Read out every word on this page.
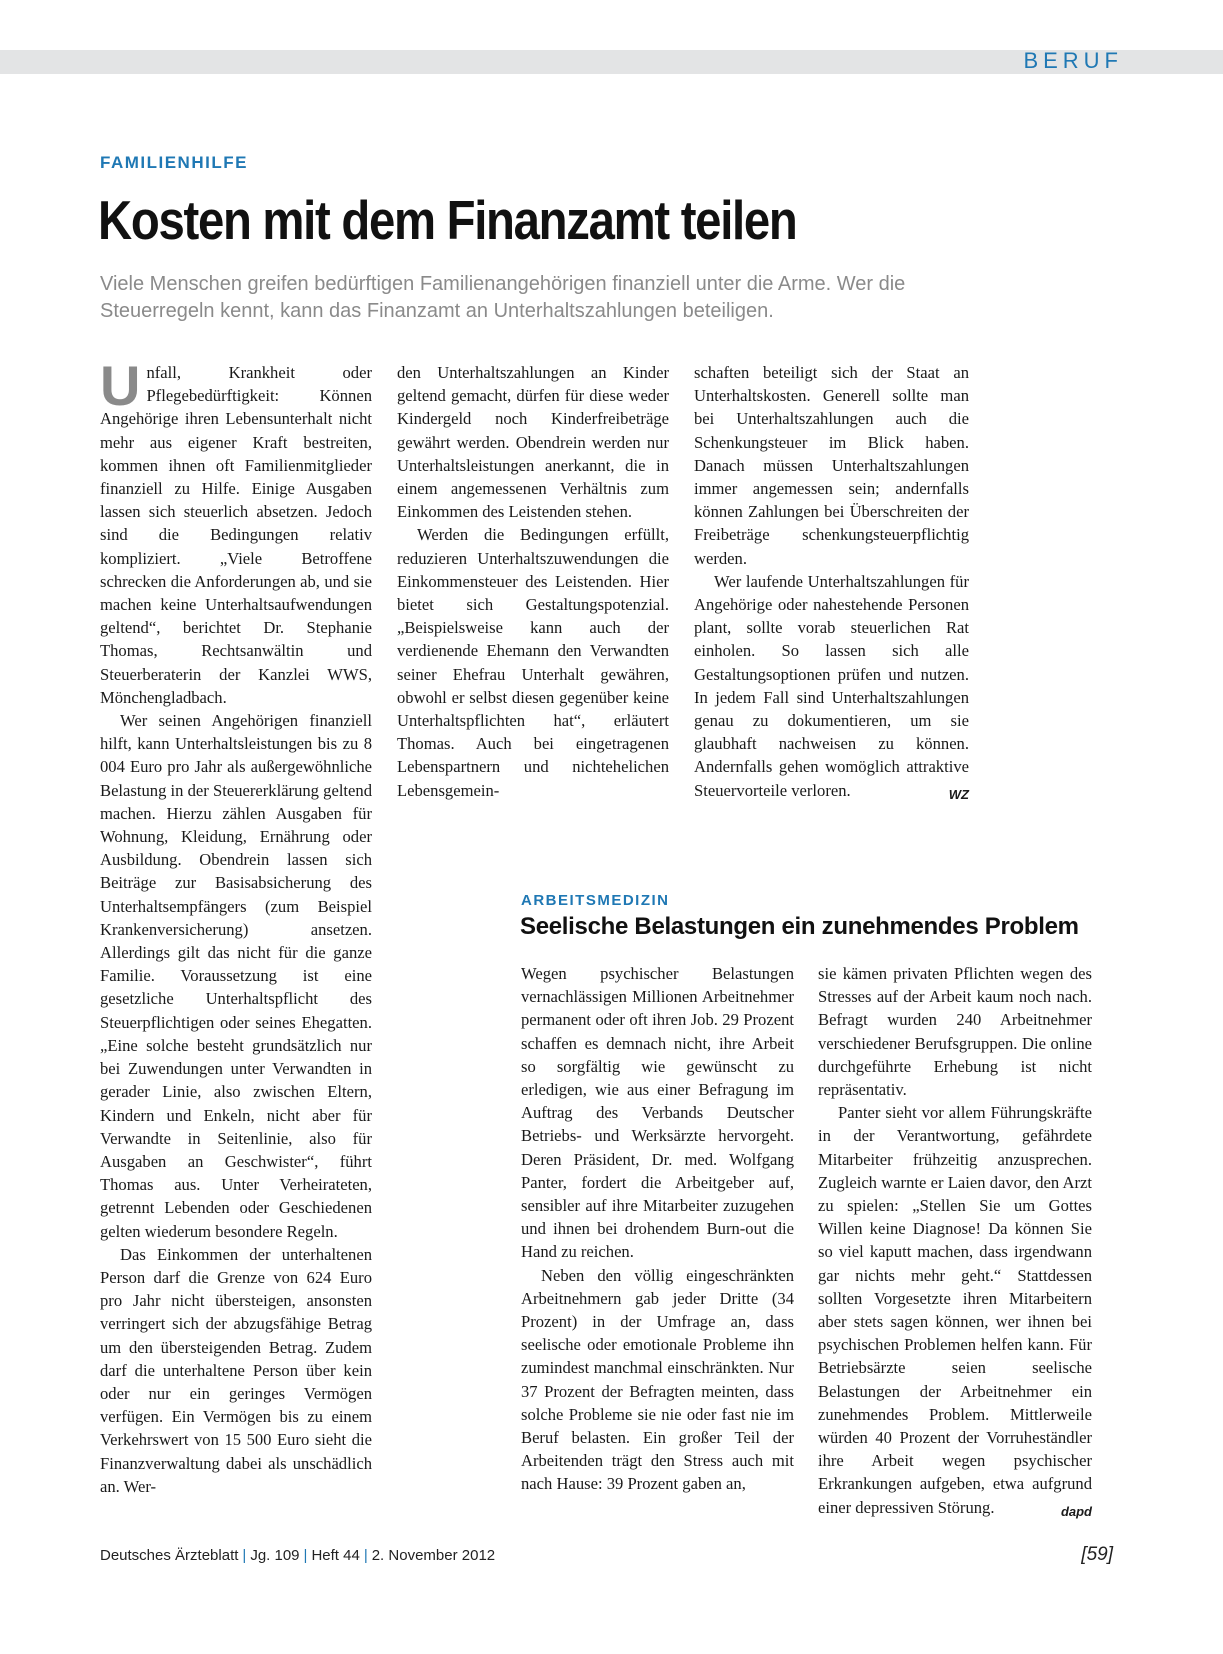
BERUF
FAMILIENHILFE
Kosten mit dem Finanzamt teilen

Viele Menschen greifen bedürftigen Familienangehörigen finanziell unter die Arme. Wer die Steuerregeln kennt, kann das Finanzamt an Unterhaltszahlungen beteiligen.

Unfall, Krankheit oder Pflegebedürftigkeit: Können Angehörige ihren Lebensunterhalt nicht mehr aus eigener Kraft bestreiten, kommen ihnen oft Familienmitglieder finanziell zu Hilfe. Einige Ausgaben lassen sich steuerlich absetzen. Jedoch sind die Bedingungen relativ kompliziert. „Viele Betroffene schrecken die Anforderungen ab, und sie machen keine Unterhaltsaufwendungen geltend“, berichtet Dr. Stephanie Thomas, Rechtsanwältin und Steuerberaterin der Kanzlei WWS, Mönchengladbach.

Wer seinen Angehörigen finanziell hilft, kann Unterhaltsleistungen bis zu 8 004 Euro pro Jahr als außergewöhnliche Belastung in der Steuererklärung geltend machen. Hierzu zählen Ausgaben für Wohnung, Kleidung, Ernährung oder Ausbildung. Obendrein lassen sich Beiträge zur Basisabsicherung des Unterhaltsempfängers (zum Beispiel Krankenversicherung) ansetzen. Allerdings gilt das nicht für die ganze Familie. Voraussetzung ist eine gesetzliche Unterhaltspflicht des Steuerpflichtigen oder seines Ehegatten. „Eine solche besteht grundsätzlich nur bei Zuwendungen unter Verwandten in gerader Linie, also zwischen Eltern, Kindern und Enkeln, nicht aber für Verwandte in Seitenlinie, also für Ausgaben an Geschwister“, führt Thomas aus. Unter Verheirateten, getrennt Lebenden oder Geschiedenen gelten wiederum besondere Regeln.

Das Einkommen der unterhaltenen Person darf die Grenze von 624 Euro pro Jahr nicht übersteigen, ansonsten verringert sich der abzugsfähige Betrag um den übersteigenden Betrag. Zudem darf die unterhaltene Person über kein oder nur ein geringes Vermögen verfügen. Ein Vermögen bis zu einem Verkehrswert von 15 500 Euro sieht die Finanzverwaltung dabei als unschädlich an. Wer-

den Unterhaltszahlungen an Kinder geltend gemacht, dürfen für diese weder Kindergeld noch Kinderfreibeträge gewährt werden. Obendrein werden nur Unterhaltsleistungen anerkannt, die in einem angemessenen Verhältnis zum Einkommen des Leistenden stehen.

Werden die Bedingungen erfüllt, reduzieren Unterhaltszuwendungen die Einkommensteuer des Leistenden. Hier bietet sich Gestaltungspotenzial. „Beispielsweise kann auch der verdienende Ehemann den Verwandten seiner Ehefrau Unterhalt gewähren, obwohl er selbst diesen gegenüber keine Unterhaltspflichten hat“, erläutert Thomas. Auch bei eingetragenen Lebenspartnern und nichtehelichen Lebensgemein-

schaften beteiligt sich der Staat an Unterhaltskosten. Generell sollte man bei Unterhaltszahlungen auch die Schenkungsteuer im Blick haben. Danach müssen Unterhaltszahlungen immer angemessen sein; andernfalls können Zahlungen bei Überschreiten der Freibeträge schenkungsteuerpflichtig werden.

Wer laufende Unterhaltszahlungen für Angehörige oder nahestehende Personen plant, sollte vorab steuerlichen Rat einholen. So lassen sich alle Gestaltungsoptionen prüfen und nutzen. In jedem Fall sind Unterhaltszahlungen genau zu dokumentieren, um sie glaubhaft nachweisen zu können. Andernfalls gehen womöglich attraktive Steuervorteile verloren.	WZ

ARBEITSMEDIZIN
Seelische Belastungen ein zunehmendes Problem

Wegen psychischer Belastungen vernachlässigen Millionen Arbeitnehmer permanent oder oft ihren Job. 29 Prozent schaffen es demnach nicht, ihre Arbeit so sorgfältig wie gewünscht zu erledigen, wie aus einer Befragung im Auftrag des Verbands Deutscher Betriebs- und Werksärzte hervorgeht. Deren Präsident, Dr. med. Wolfgang Panter, fordert die Arbeitgeber auf, sensibler auf ihre Mitarbeiter zuzugehen und ihnen bei drohendem Burn-out die Hand zu reichen.

Neben den völlig eingeschränkten Arbeitnehmern gab jeder Dritte (34 Prozent) in der Umfrage an, dass seelische oder emotionale Probleme ihn zumindest manchmal einschränkten. Nur 37 Prozent der Befragten meinten, dass solche Probleme sie nie oder fast nie im Beruf belasten. Ein großer Teil der Arbeitenden trägt den Stress auch mit nach Hause: 39 Prozent gaben an,

sie kämen privaten Pflichten wegen des Stresses auf der Arbeit kaum noch nach. Befragt wurden 240 Arbeitnehmer verschiedener Berufsgruppen. Die online durchgeführte Erhebung ist nicht repräsentativ.

Panter sieht vor allem Führungskräfte in der Verantwortung, gefährdete Mitarbeiter frühzeitig anzusprechen. Zugleich warnte er Laien davor, den Arzt zu spielen: „Stellen Sie um Gottes Willen keine Diagnose! Da können Sie so viel kaputt machen, dass irgendwann gar nichts mehr geht.“ Stattdessen sollten Vorgesetzte ihren Mitarbeitern aber stets sagen können, wer ihnen bei psychischen Problemen helfen kann. Für Betriebsärzte seien seelische Belastungen der Arbeitnehmer ein zunehmendes Problem. Mittlerweile würden 40 Prozent der Vorruheständler ihre Arbeit wegen psychischer Erkrankungen aufgeben, etwa aufgrund einer depressiven Störung.	dapd

Deutsches Ärzteblatt | Jg. 109 | Heft 44 | 2. November 2012	[59]
